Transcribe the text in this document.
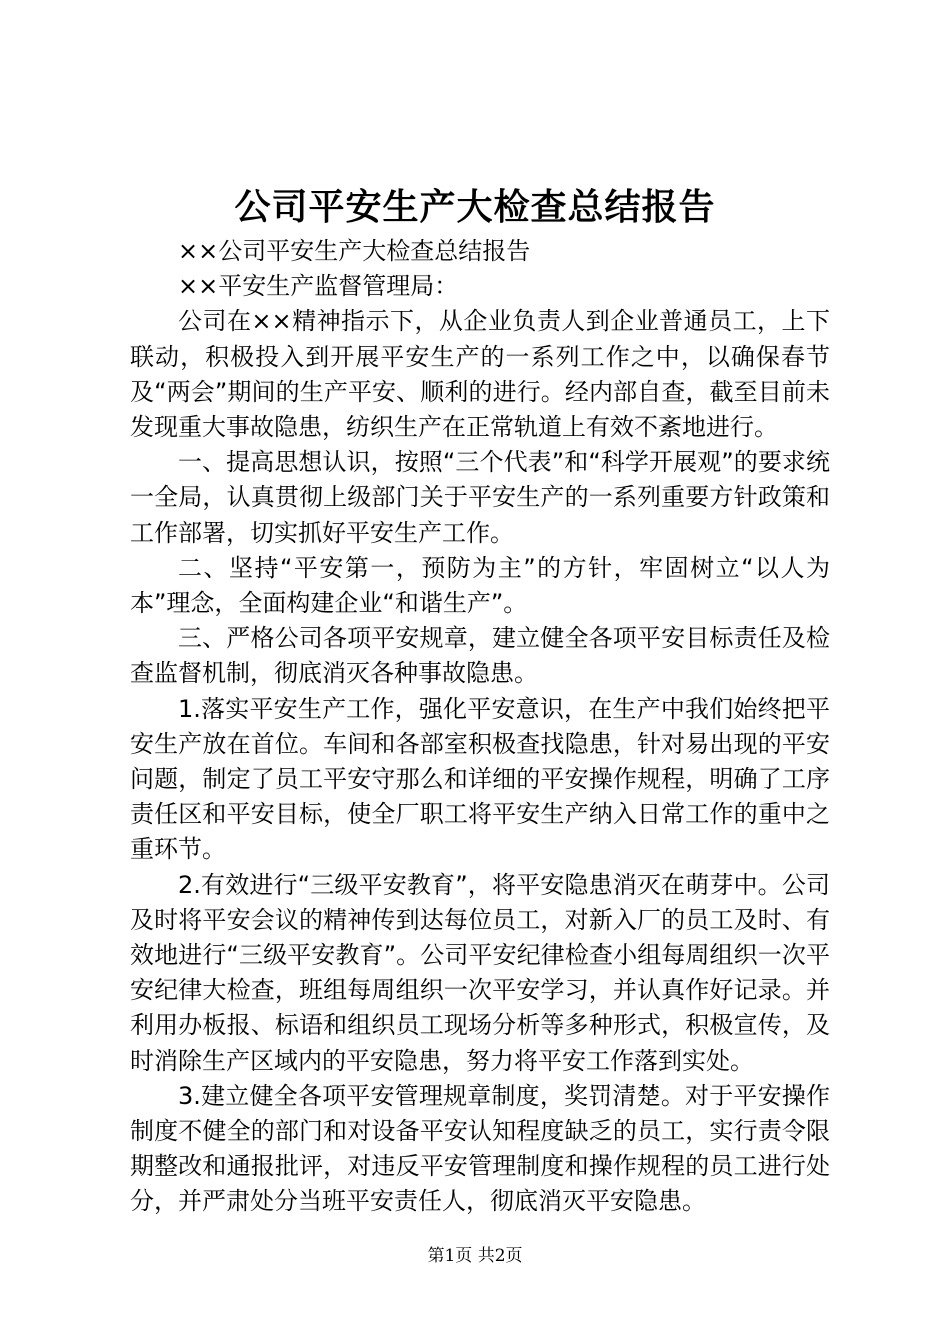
公司平安生产大检查总结报告

××公司平安生产大检查总结报告

××平安生产监督管理局：

公司在××精神指示下，从企业负责人到企业普通员工，上下联动，积极投入到开展平安生产的一系列工作之中，以确保春节及“两会”期间的生产平安、顺利的进行。经内部自查，截至目前未发现重大事故隐患，纺织生产在正常轨道上有效不紊地进行。

一、提高思想认识，按照“三个代表”和“科学开展观”的要求统一全局，认真贯彻上级部门关于平安生产的一系列重要方针政策和工作部署，切实抓好平安生产工作。

二、坚持“平安第一，预防为主”的方针，牢固树立“以人为本”理念，全面构建企业“和谐生产”。

三、严格公司各项平安规章，建立健全各项平安目标责任及检查监督机制，彻底消灭各种事故隐患。

1.落实平安生产工作，强化平安意识，在生产中我们始终把平安生产放在首位。车间和各部室积极查找隐患，针对易出现的平安问题，制定了员工平安守那么和详细的平安操作规程，明确了工序责任区和平安目标，使全厂职工将平安生产纳入日常工作的重中之重环节。

2.有效进行“三级平安教育”，将平安隐患消灭在萌芽中。公司及时将平安会议的精神传到达每位员工，对新入厂的员工及时、有效地进行“三级平安教育”。公司平安纪律检查小组每周组织一次平安纪律大检查，班组每周组织一次平安学习，并认真作好记录。并利用办板报、标语和组织员工现场分析等多种形式，积极宣传，及时消除生产区域内的平安隐患，努力将平安工作落到实处。

3.建立健全各项平安管理规章制度，奖罚清楚。对于平安操作制度不健全的部门和对设备平安认知程度缺乏的员工，实行责令限期整改和通报批评，对违反平安管理制度和操作规程的员工进行处分，并严肃处分当班平安责任人，彻底消灭平安隐患。

第1页 共2页
